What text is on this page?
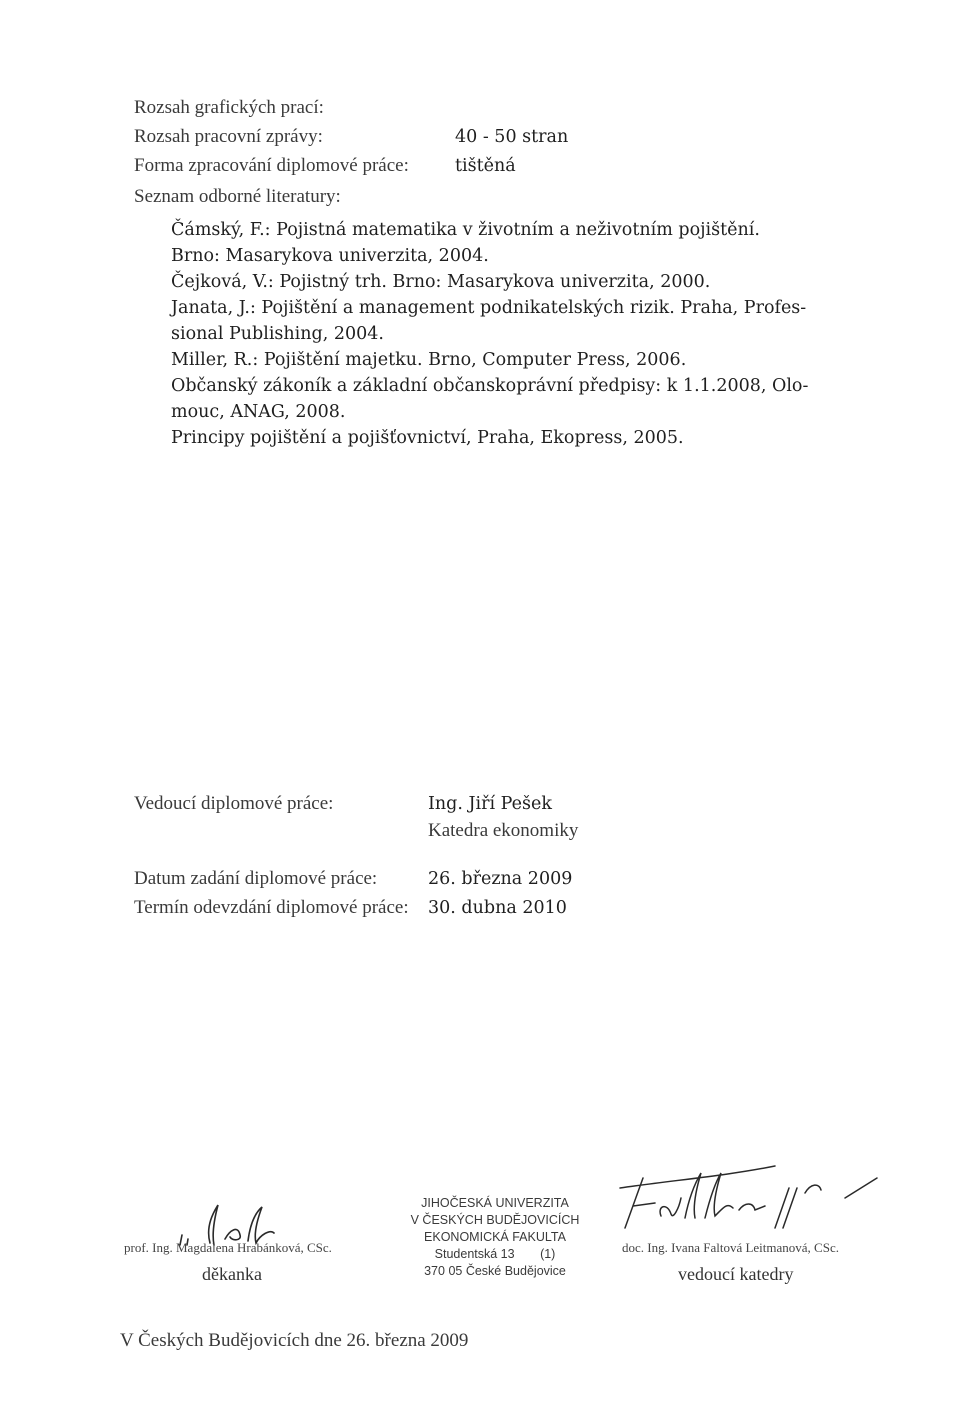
Rozsah grafických prací:
Rozsah pracovní zprávy:	40 - 50 stran
Forma zpracování diplomové práce:	tištěná
Seznam odborné literatury:
Čámský, F.: Pojistná matematika v životním a neživotním pojištění.
Brno: Masarykova univerzita, 2004.
Čejková, V.: Pojistný trh. Brno: Masarykova univerzita, 2000.
Janata, J.: Pojištění a management podnikatelských rizik. Praha, Profes-
sional Publishing, 2004.
Miller, R.: Pojištění majetku. Brno, Computer Press, 2006.
Občanský zákoník a základní občanskoprávní předpisy: k 1.1.2008, Olo-
mouc, ANAG, 2008.
Principy pojištění a pojišťovnictví, Praha, Ekopress, 2005.
Vedoucí diplomové práce:	Ing. Jiří Pešek
Katedra ekonomiky
Datum zadání diplomové práce:	26. března 2009
Termín odevzdání diplomové práce: 30. dubna 2010
prof. Ing. Magdalena Hrabánková, CSc.
děkanka
JIHOČESKÁ UNIVERZITA
V ČESKÝCH BUDĚJOVICÍCH
EKONOMICKÁ FAKULTA
Studentská 13 (1)
370 05 České Budějovice
doc. Ing. Ivana Faltová Leitmanová, CSc.
vedoucí katedry
V Českých Budějovicích dne 26. března 2009
